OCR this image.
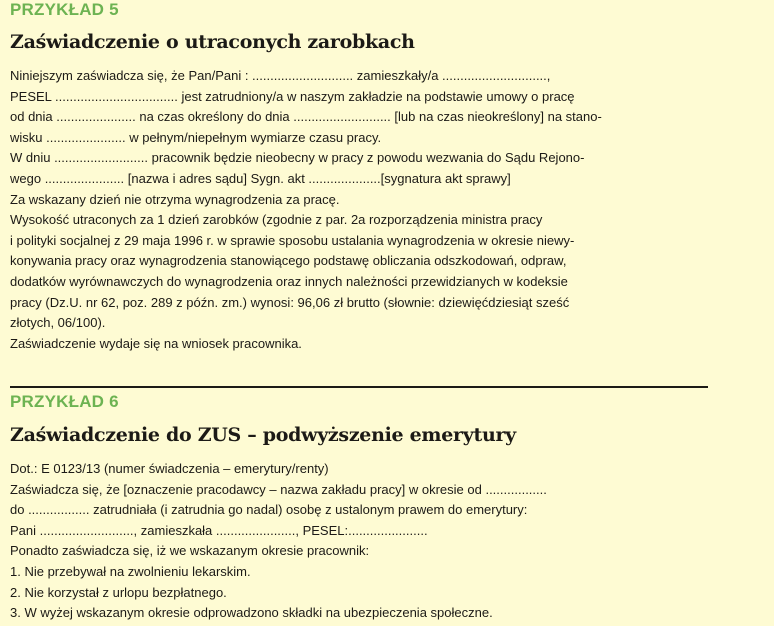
PRZYKŁAD 5
Zaświadczenie o utraconych zarobkach
Niniejszym zaświadcza się, że Pan/Pani : ............................ zamieszkały/a .............................,
PESEL .................................. jest zatrudniony/a w naszym zakładzie na podstawie umowy o pracę
od dnia ...................... na czas określony do dnia ........................... [lub na czas nieokreślony] na stano-
wisku ...................... w pełnym/niepełnym wymiarze czasu pracy.
W dniu .......................... pracownik będzie nieobecny w pracy z powodu wezwania do Sądu Rejono-
wego ...................... [nazwa i adres sądu] Sygn. akt ....................[sygnatura akt sprawy]
Za wskazany dzień nie otrzyma wynagrodzenia za pracę.
Wysokość utraconych za 1 dzień zarobków (zgodnie z par. 2a rozporządzenia ministra pracy
i polityki socjalnej z 29 maja 1996 r. w sprawie sposobu ustalania wynagrodzenia w okresie niewy-
konywania pracy oraz wynagrodzenia stanowiącego podstawę obliczania odszkodowań, odpraw,
dodatków wyrównawczych do wynagrodzenia oraz innych należności przewidzianych w kodeksie
pracy (Dz.U. nr 62, poz. 289 z późn. zm.) wynosi: 96,06 zł brutto (słownie: dziewięćdziesiąt sześć
złotych, 06/100).
Zaświadczenie wydaje się na wniosek pracownika.
PRZYKŁAD 6
Zaświadczenie do ZUS – podwyższenie emerytury
Dot.: E 0123/13 (numer świadczenia – emerytury/renty)
Zaświadcza się, że [oznaczenie pracodawcy – nazwa zakładu pracy] w okresie od .................
do ................. zatrudniała (i zatrudnia go nadal) osobę z ustalonym prawem do emerytury:
Pani .........................., zamieszkała ......................, PESEL:......................
Ponadto zaświadcza się, iż we wskazanym okresie pracownik:
1. Nie przebywał na zwolnieniu lekarskim.
2. Nie korzystał z urlopu bezpłatnego.
3. W wyżej wskazanym okresie odprowadzono składki na ubezpieczenia społeczne.
